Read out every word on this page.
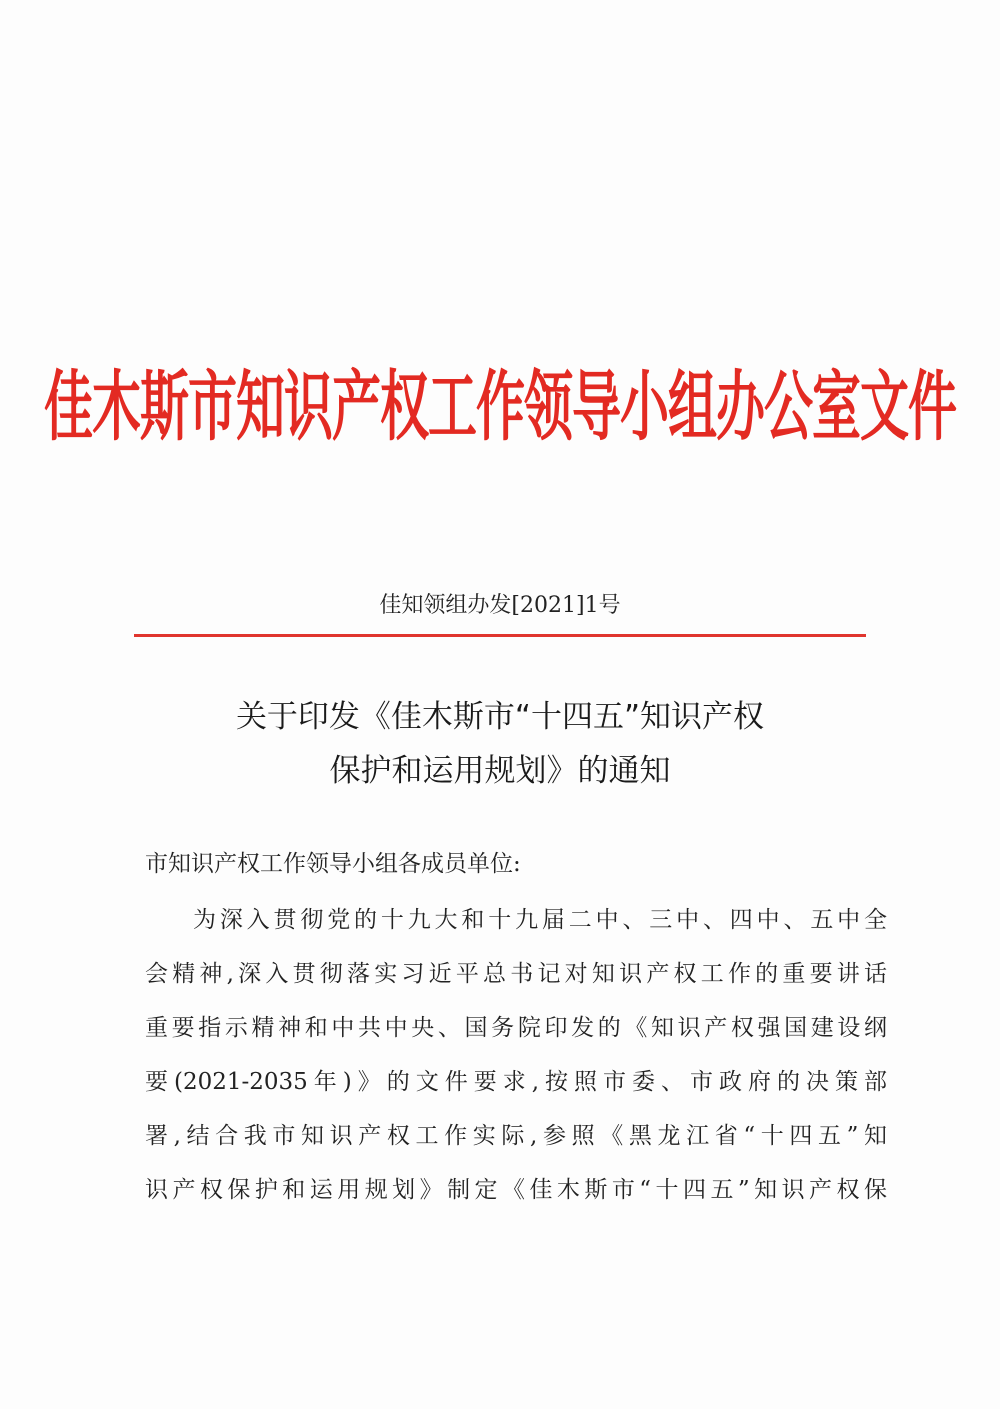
佳木斯市知识产权工作领导小组办公室文件
佳知领组办发[2021]1号
关于印发《佳木斯市“十四五”知识产权
保护和运用规划》的通知
市知识产权工作领导小组各成员单位:
为深入贯彻党的十九大和十九届二中、三中、四中、五中全
会精神,深入贯彻落实习近平总书记对知识产权工作的重要讲话
重要指示精神和中共中央、国务院印发的《知识产权强国建设纲
要(2021-2035年)》的文件要求,按照市委、市政府的决策部
署,结合我市知识产权工作实际,参照《黑龙江省“十四五”知
识产权保护和运用规划》制定《佳木斯市“十四五”知识产权保
